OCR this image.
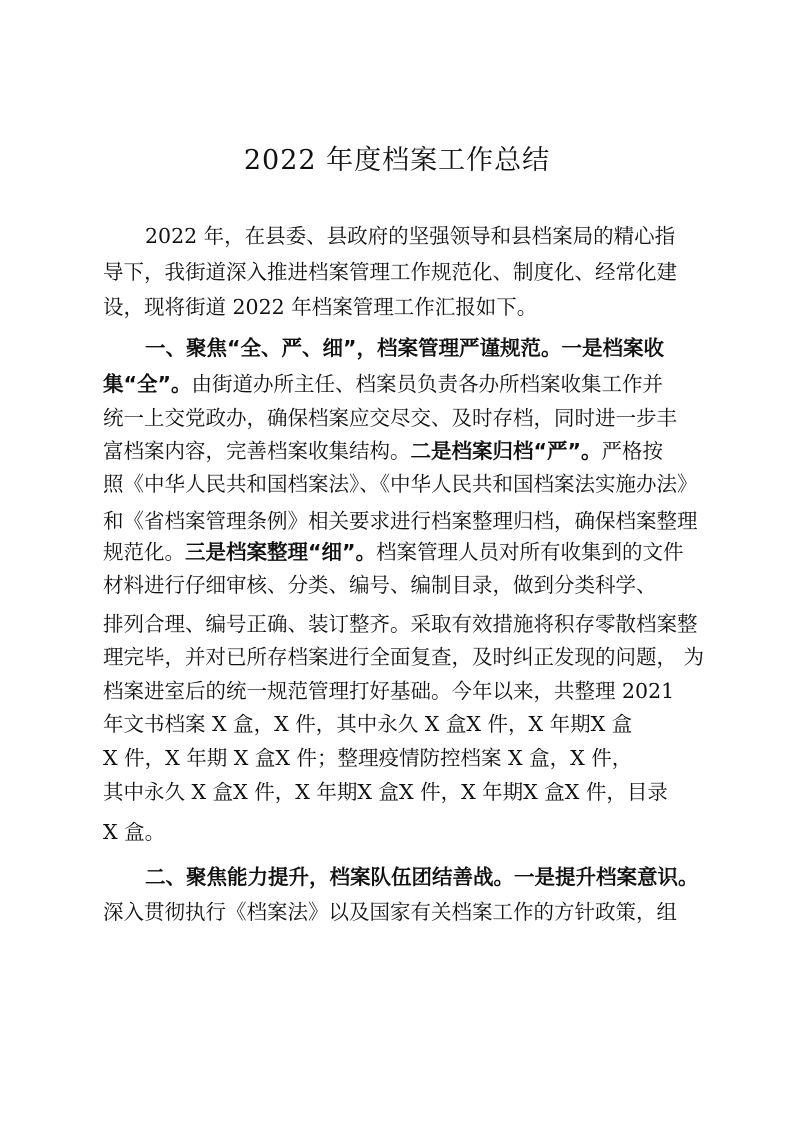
2022 年度档案工作总结
2022 年，在县委、县政府的坚强领导和县档案局的精心指
导下，我街道深入推进档案管理工作规范化、制度化、经常化建
设，现将街道 2022 年档案管理工作汇报如下。
一、聚焦“全、严、细”，档案管理严谨规范。一是档案收
集“全”。由街道办所主任、档案员负责各办所档案收集工作并
统一上交党政办，确保档案应交尽交、及时存档，同时进一步丰
富档案内容，完善档案收集结构。二是档案归档“严”。严格按
照《中华人民共和国档案法》、《中华人民共和国档案法实施办法》
和《省档案管理条例》相关要求进行档案整理归档，确保档案整理
规范化。三是档案整理“细”。档案管理人员对所有收集到的文件
材料进行仔细审核、分类、编号、编制目录，做到分类科学、
排列合理、编号正确、装订整齐。采取有效措施将积存零散档案整
理完毕，并对已所存档案进行全面复查，及时纠正发现的问题， 为
档案进室后的统一规范管理打好基础。今年以来，共整理 2021
年文书档案 X 盒，X 件，其中永久 X 盒X 件，X 年期X 盒
X 件，X 年期 X 盒X 件；整理疫情防控档案 X 盒，X 件，
其中永久 X 盒X 件，X 年期X 盒X 件，X 年期X 盒X 件，目录
X 盒。
二、聚焦能力提升，档案队伍团结善战。一是提升档案意识。
深入贯彻执行《档案法》以及国家有关档案工作的方针政策，组
